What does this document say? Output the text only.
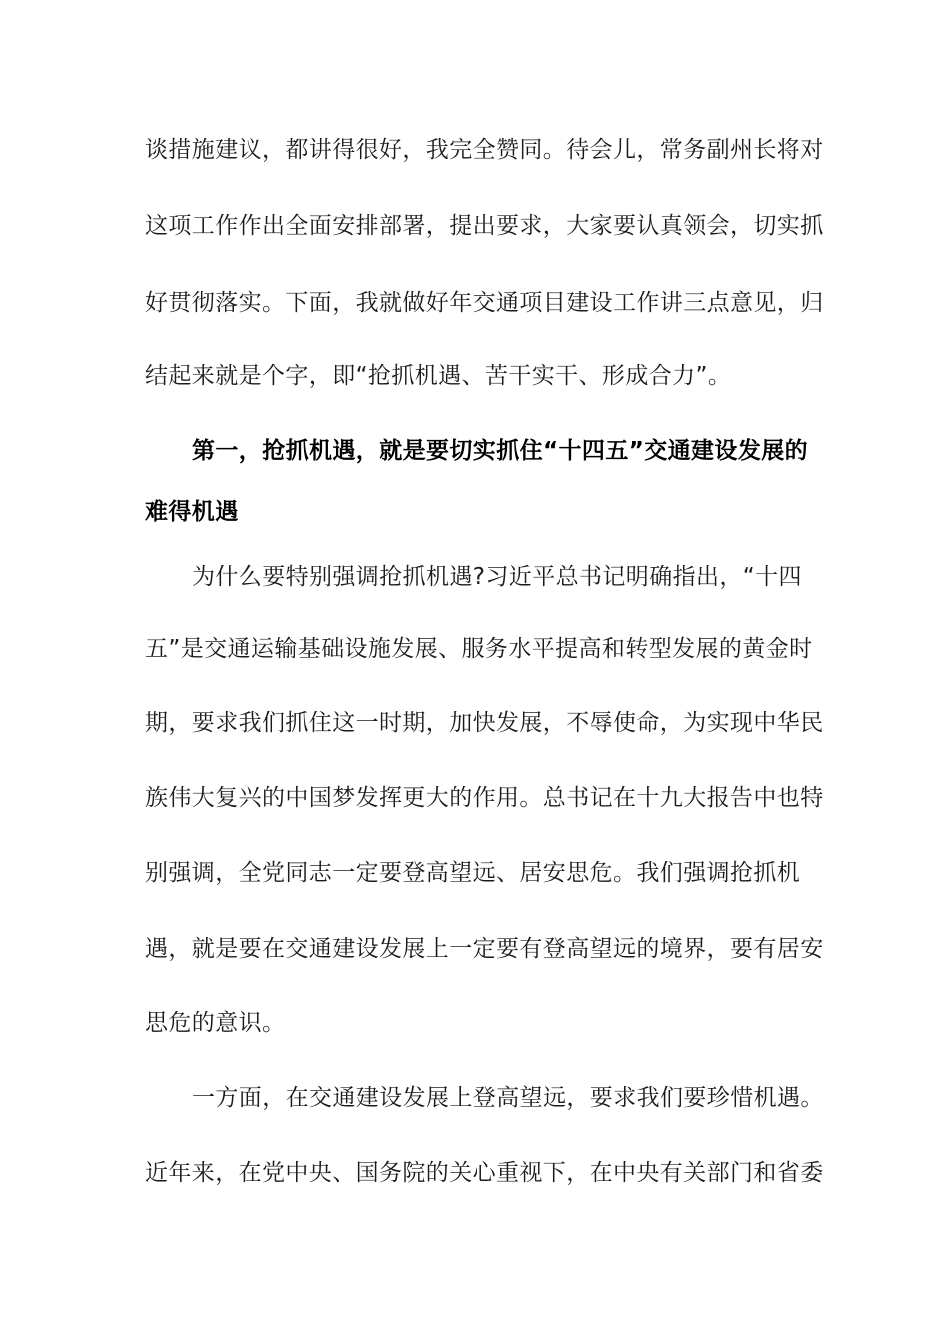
谈措施建议，都讲得很好，我完全赞同。待会儿，常务副州长将对
这项工作作出全面安排部署，提出要求，大家要认真领会，切实抓
好贯彻落实。下面，我就做好年交通项目建设工作讲三点意见，归
结起来就是个字，即“抢抓机遇、苦干实干、形成合力”。
第一，抢抓机遇，就是要切实抓住“十四五”交通建设发展的
难得机遇
为什么要特别强调抢抓机遇?习近平总书记明确指出，“十四
五”是交通运输基础设施发展、服务水平提高和转型发展的黄金时
期，要求我们抓住这一时期，加快发展，不辱使命，为实现中华民
族伟大复兴的中国梦发挥更大的作用。总书记在十九大报告中也特
别强调，全党同志一定要登高望远、居安思危。我们强调抢抓机
遇，就是要在交通建设发展上一定要有登高望远的境界，要有居安
思危的意识。
一方面，在交通建设发展上登高望远，要求我们要珍惜机遇。
近年来，在党中央、国务院的关心重视下，在中央有关部门和省委
